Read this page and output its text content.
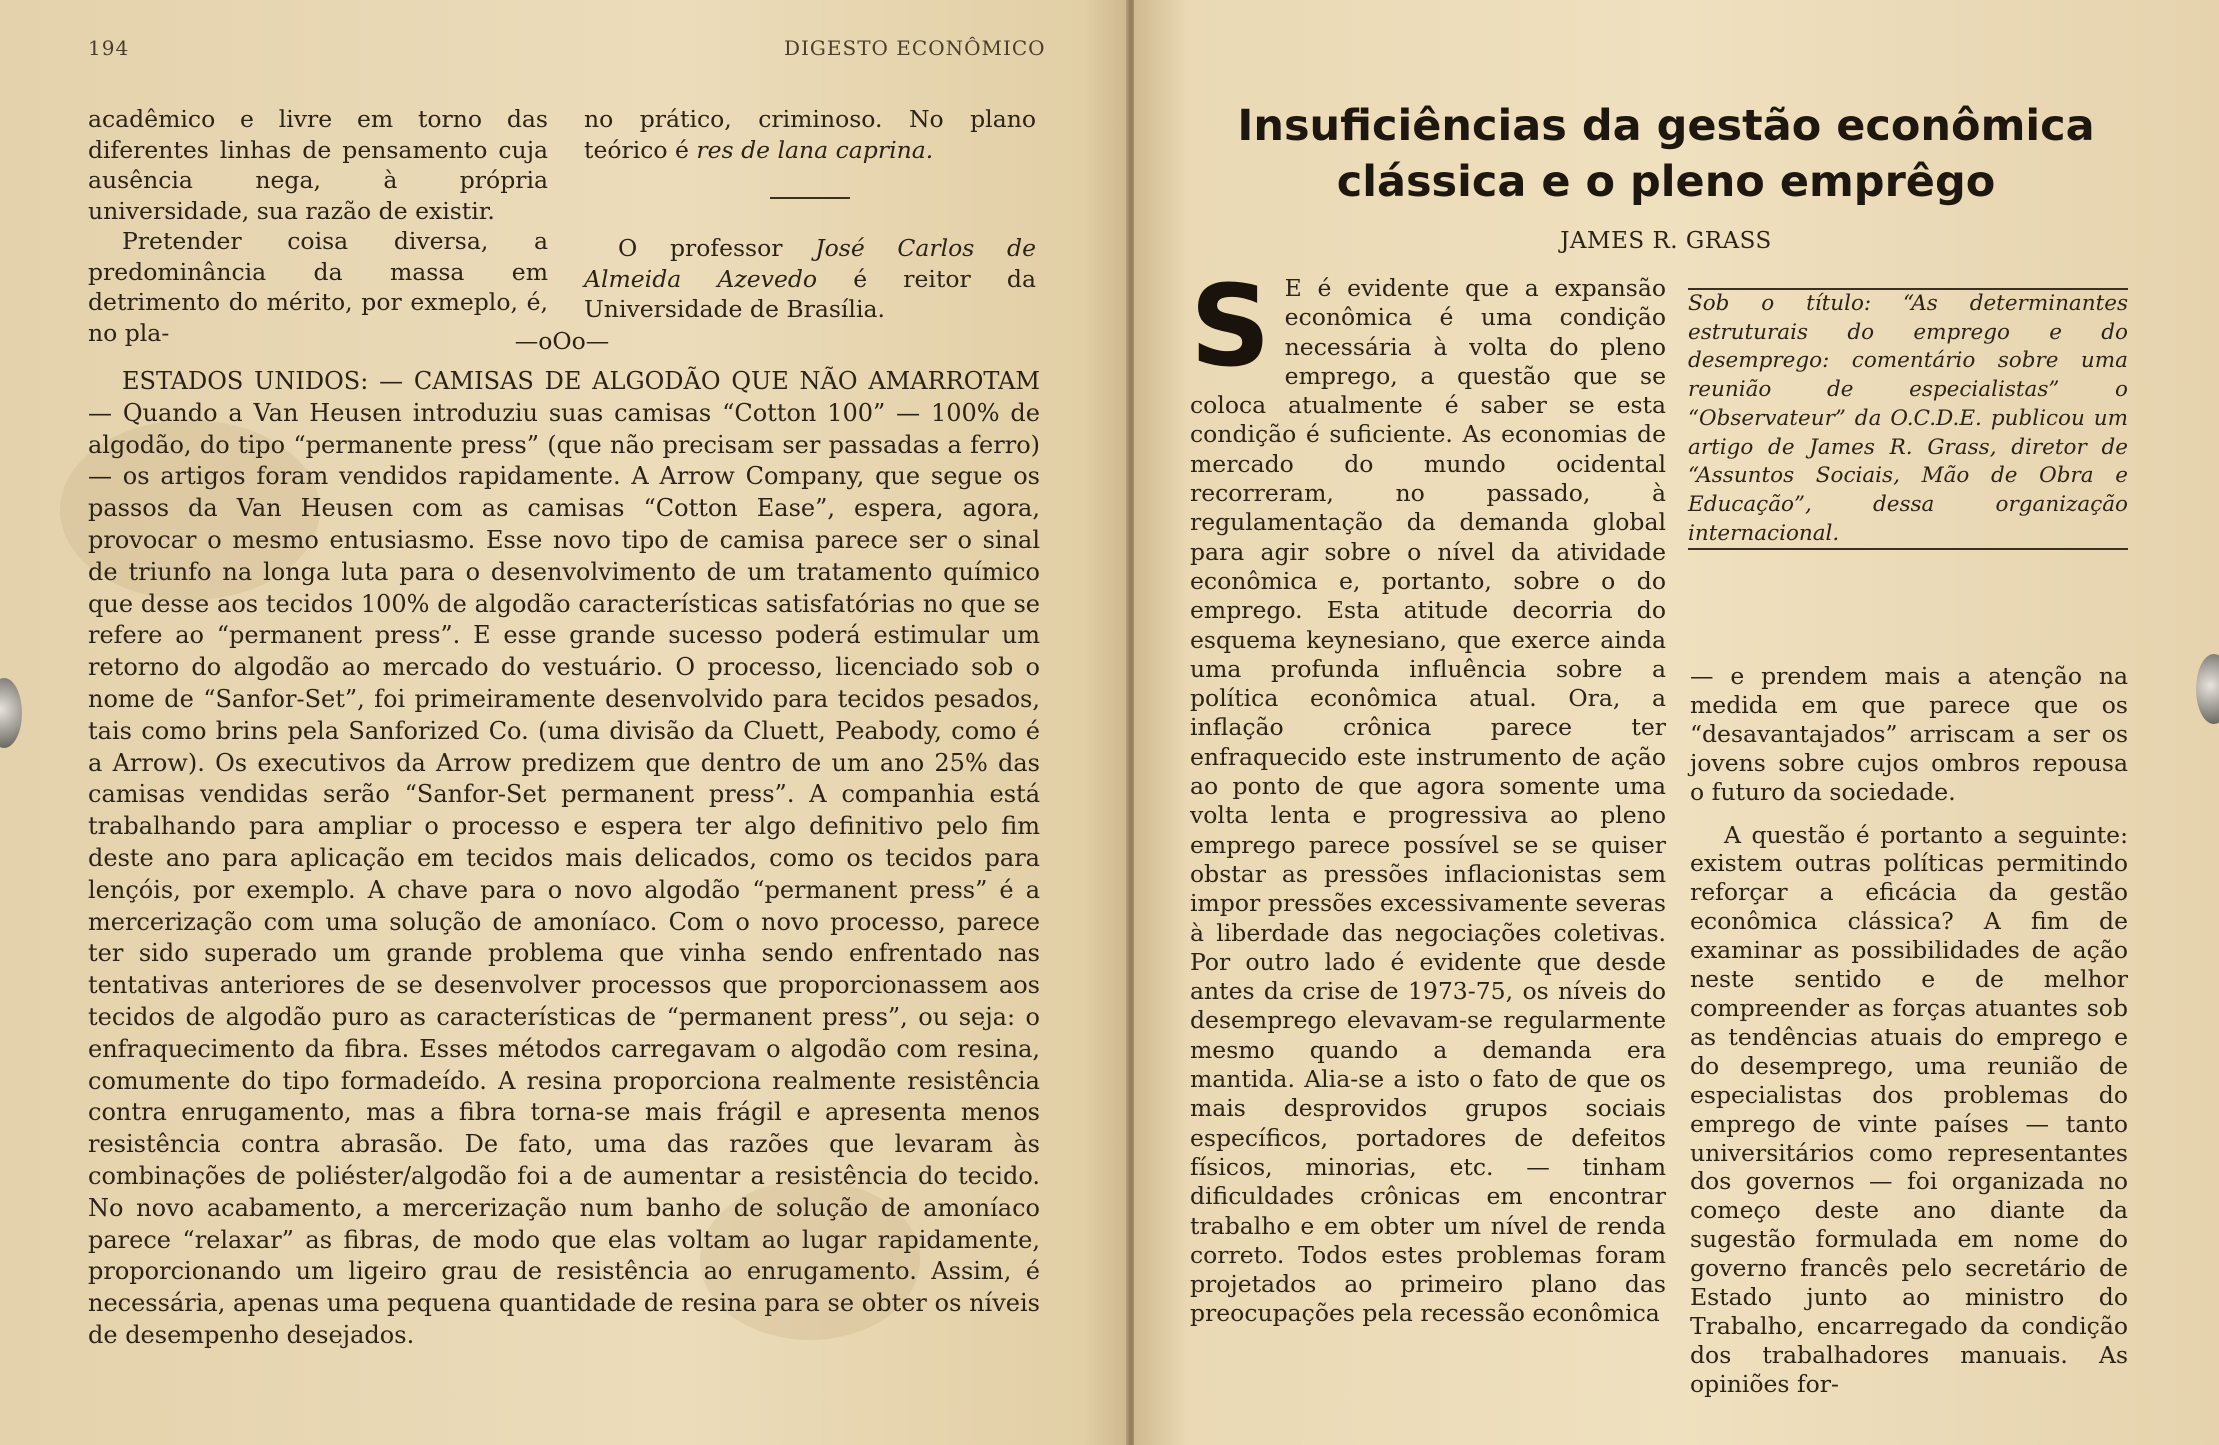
194	DIGESTO ECONÔMICO

acadêmico e livre em torno das diferentes linhas de pensamento cuja ausência nega, à própria universidade, sua razão de existir.

Pretender coisa diversa, a predominância da massa em detrimento do mérito, por exmeplo, é, no pla-

no prático, criminoso. No plano teórico é res de lana caprina.

O professor José Carlos de Almeida Azevedo é reitor da Universidade de Brasília.

—oOo—

ESTADOS UNIDOS: — CAMISAS DE ALGODÃO QUE NÃO AMARROTAM — Quando a Van Heusen introduziu suas camisas “Cotton 100” — 100% de algodão, do tipo “permanente press” (que não precisam ser passadas a ferro) — os artigos foram vendidos rapidamente. A Arrow Company, que segue os passos da Van Heusen com as camisas “Cotton Ease”, espera, agora, provocar o mesmo entusiasmo. Esse novo tipo de camisa parece ser o sinal de triunfo na longa luta para o desenvolvimento de um tratamento químico que desse aos tecidos 100% de algodão características satisfatórias no que se refere ao “permanent press”. E esse grande sucesso poderá estimular um retorno do algodão ao mercado do vestuário. O processo, licenciado sob o nome de “Sanfor-Set”, foi primeiramente desenvolvido para tecidos pesados, tais como brins pela Sanforized Co. (uma divisão da Cluett, Peabody, como é a Arrow). Os executivos da Arrow predizem que dentro de um ano 25% das camisas vendidas serão “Sanfor-Set permanent press”. A companhia está trabalhando para ampliar o processo e espera ter algo definitivo pelo fim deste ano para aplicação em tecidos mais delicados, como os tecidos para lençóis, por exemplo. A chave para o novo algodão “permanent press” é a mercerização com uma solução de amoníaco. Com o novo processo, parece ter sido superado um grande problema que vinha sendo enfrentado nas tentativas anteriores de se desenvolver processos que proporcionassem aos tecidos de algodão puro as características de “permanent press”, ou seja: o enfraquecimento da fibra. Esses métodos carregavam o algodão com resina, comumente do tipo formadeído. A resina proporciona realmente resistência contra enrugamento, mas a fibra torna-se mais frágil e apresenta menos resistência contra abrasão. De fato, uma das razões que levaram às combinações de poliéster/algodão foi a de aumentar a resistência do tecido. No novo acabamento, a mercerização num banho de solução de amoníaco parece “relaxar” as fibras, de modo que elas voltam ao lugar rapidamente, proporcionando um ligeiro grau de resistência ao enrugamento. Assim, é necessária, apenas uma pequena quantidade de resina para se obter os níveis de desempenho desejados.

Insuficiências da gestão econômica
clássica e o pleno emprêgo
JAMES R. GRASS
S E é evidente que a expansão econômica é uma condição necessária à volta do pleno emprego, a questão que se coloca atualmente é saber se esta condição é suficiente. As economias de mercado do mundo ocidental recorreram, no passado, à regulamentação da demanda global para agir sobre o nível da atividade econômica e, portanto, sobre o do emprego. Esta atitude decorria do esquema keynesiano, que exerce ainda uma profunda influência sobre a política econômica atual. Ora, a inflação crônica parece ter enfraquecido este instrumento de ação ao ponto de que agora somente uma volta lenta e progressiva ao pleno emprego parece possível se se quiser obstar as pressões inflacionistas sem impor pressões excessivamente severas à liberdade das negociações coletivas. Por outro lado é evidente que desde antes da crise de 1973-75, os níveis do desemprego elevavam-se regularmente mesmo quando a demanda era mantida. Alia-se a isto o fato de que os mais desprovidos grupos sociais específicos, portadores de defeitos físicos, minorias, etc. — tinham dificuldades crônicas em encontrar trabalho e em obter um nível de renda correto. Todos estes problemas foram projetados ao primeiro plano das preocupações pela recessão econômica

Sob o título: “As determinantes estruturais do emprego e do desemprego: comentário sobre uma reunião de especialistas” o “Observateur” da O.C.D.E. publicou um artigo de James R. Grass, diretor de “Assuntos Sociais, Mão de Obra e Educação”, dessa organização internacional.

— e prendem mais a atenção na medida em que parece que os “desavantajados” arriscam a ser os jovens sobre cujos ombros repousa o futuro da sociedade.

A questão é portanto a seguinte: existem outras políticas permitindo reforçar a eficácia da gestão econômica clássica? A fim de examinar as possibilidades de ação neste sentido e de melhor compreender as forças atuantes sob as tendências atuais do emprego e do desemprego, uma reunião de especialistas dos problemas do emprego de vinte países — tanto universitários como representantes dos governos — foi organizada no começo deste ano diante da sugestão formulada em nome do governo francês pelo secretário de Estado junto ao ministro do Trabalho, encarregado da condição dos trabalhadores manuais. As opiniões for-
